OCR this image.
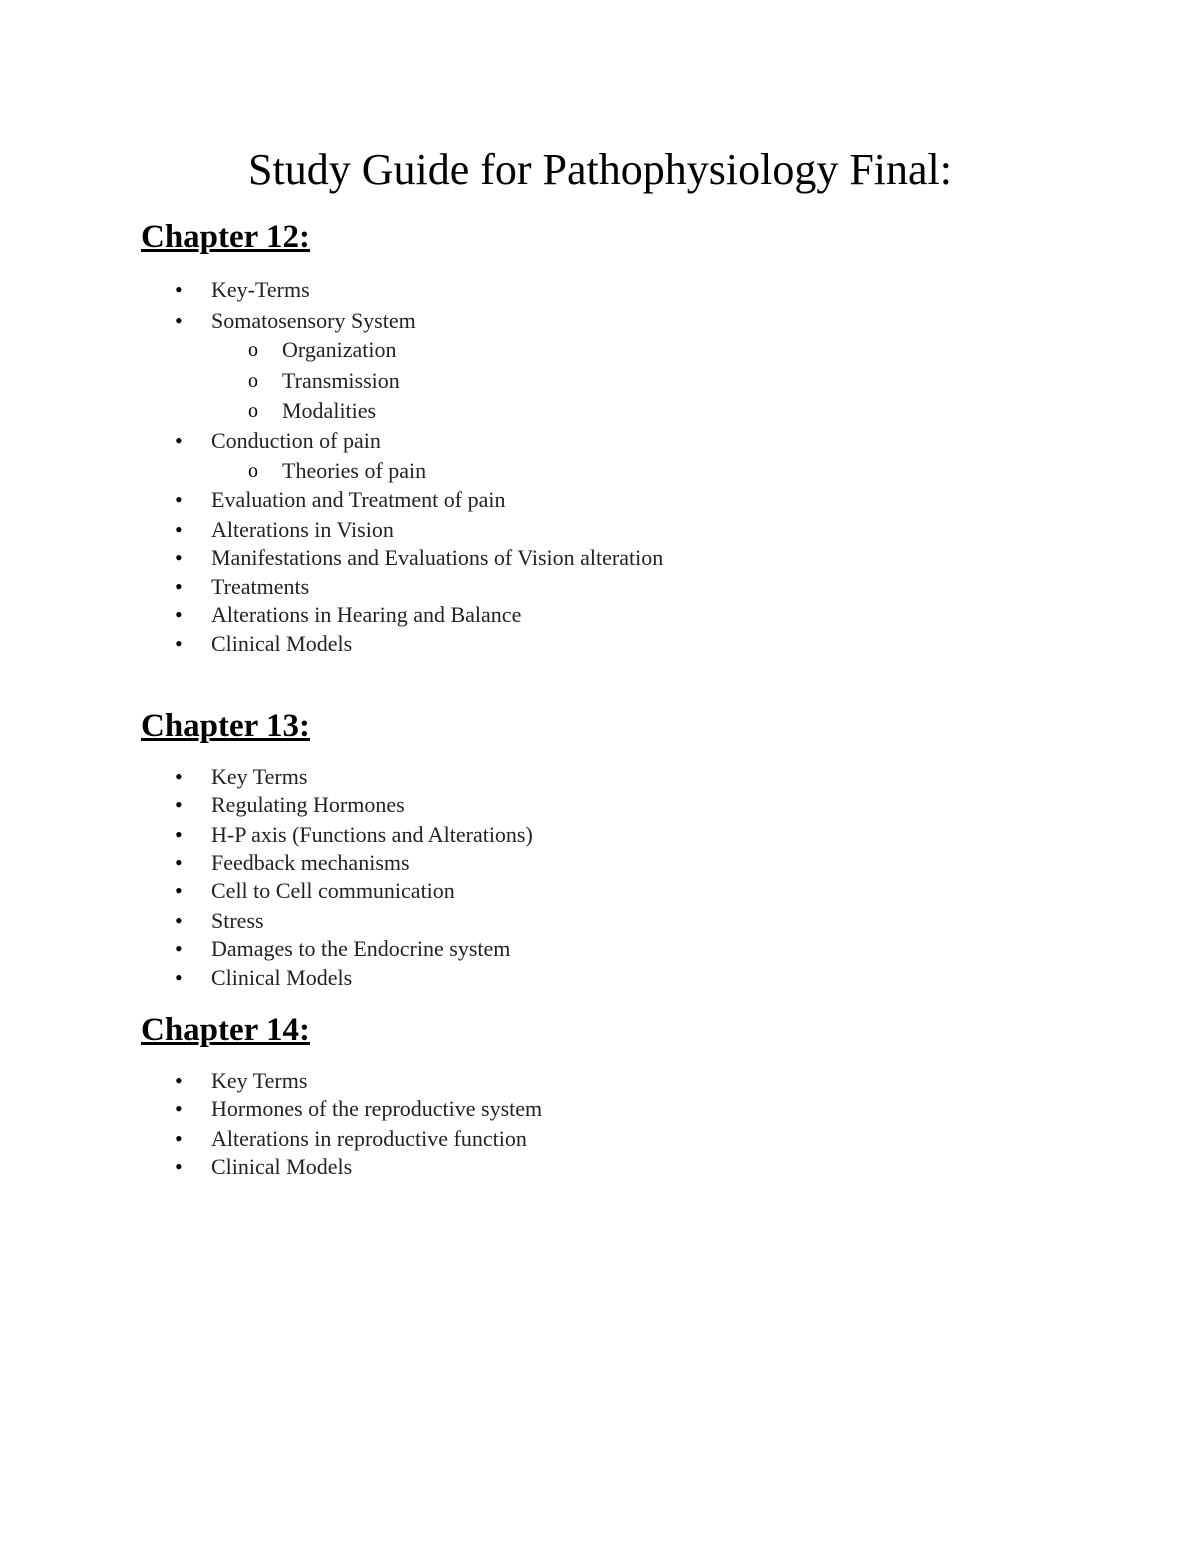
Study Guide for Pathophysiology Final:
Chapter 12:
•
Key-Terms
•
Somatosensory System
o
Organization
o
Transmission
o
Modalities
•
Conduction of pain
o
Theories of pain
•
Evaluation and Treatment of pain
•
Alterations in Vision
•
Manifestations and Evaluations of Vision alteration
•
Treatments
•
Alterations in Hearing and Balance
•
Clinical Models
Chapter 13:
•
Key Terms
•
Regulating Hormones
•
H-P axis (Functions and Alterations)
•
Feedback mechanisms
•
Cell to Cell communication
•
Stress
•
Damages to the Endocrine system
•
Clinical Models
Chapter 14:
•
Key Terms
•
Hormones of the reproductive system
•
Alterations in reproductive function
•
Clinical Models
